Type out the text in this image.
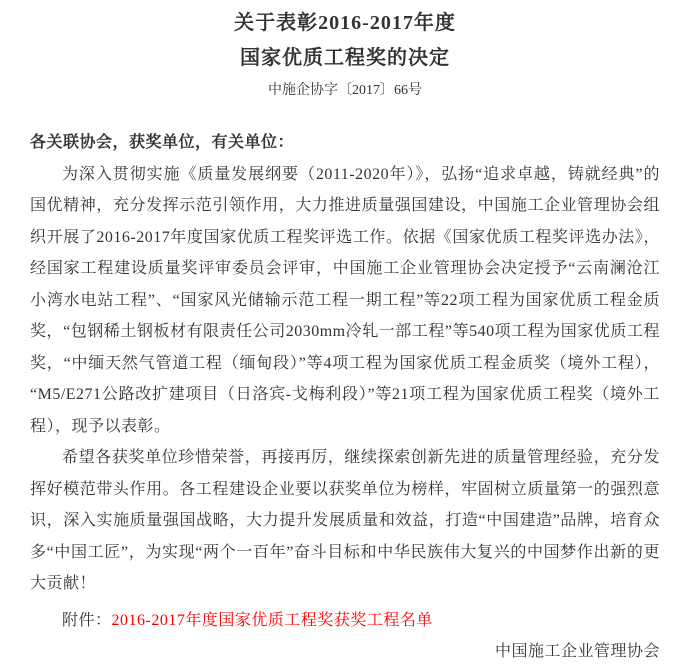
关于表彰2016-2017年度
国家优质工程奖的决定
中施企协字〔2017〕66号

各关联协会，获奖单位，有关单位：

为深入贯彻实施《质量发展纲要（2011-2020年）》，弘扬“追求卓越，铸就经典”的国优精神，充分发挥示范引领作用，大力推进质量强国建设，中国施工企业管理协会组织开展了2016-2017年度国家优质工程奖评选工作。依据《国家优质工程奖评选办法》，经国家工程建设质量奖评审委员会评审，中国施工企业管理协会决定授予“云南澜沧江小湾水电站工程”、“国家风光储输示范工程一期工程”等22项工程为国家优质工程金质奖，“包钢稀土钢板材有限责任公司2030mm冷轧一部工程”等540项工程为国家优质工程奖，“中缅天然气管道工程（缅甸段）”等4项工程为国家优质工程金质奖（境外工程），“M5/E271公路改扩建项目（日洛宾-戈梅利段）”等21项工程为国家优质工程奖（境外工程），现予以表彰。

希望各获奖单位珍惜荣誉，再接再厉，继续探索创新先进的质量管理经验，充分发挥好模范带头作用。各工程建设企业要以获奖单位为榜样，牢固树立质量第一的强烈意识，深入实施质量强国战略，大力提升发展质量和效益，打造“中国建造”品牌，培育众多“中国工匠”，为实现“两个一百年”奋斗目标和中华民族伟大复兴的中国梦作出新的更大贡献！

附件：2016-2017年度国家优质工程奖获奖工程名单

中国施工企业管理协会
